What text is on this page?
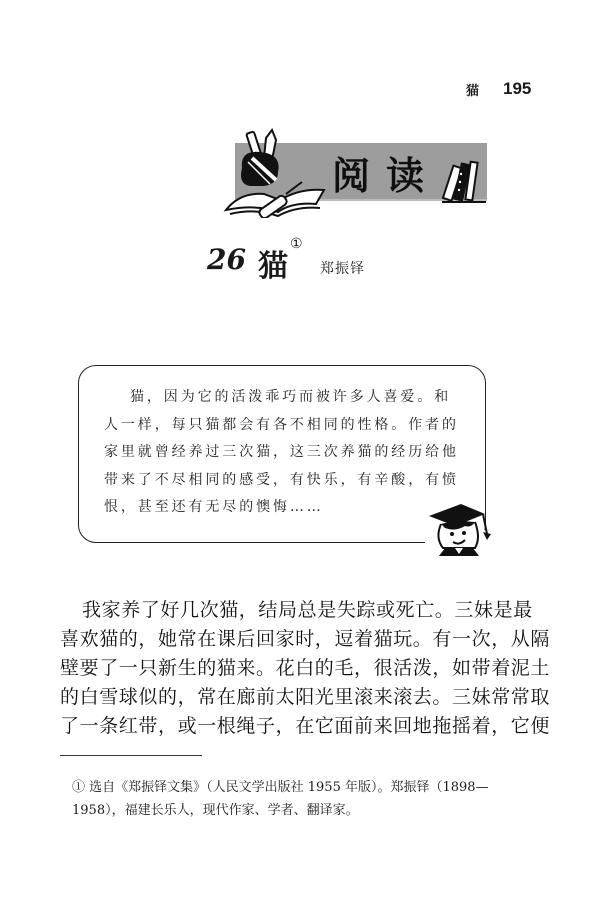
猫 195
阅读
26 猫
①
郑振铎
猫，因为它的活泼乖巧而被许多人喜爱。和
人一样，每只猫都会有各不相同的性格。作者的
家里就曾经养过三次猫，这三次养猫的经历给他
带来了不尽相同的感受，有快乐，有辛酸，有愤
恨，甚至还有无尽的懊悔……
我家养了好几次猫，结局总是失踪或死亡。三妹是最
喜欢猫的，她常在课后回家时，逗着猫玩。有一次，从隔
壁要了一只新生的猫来。花白的毛，很活泼，如带着泥土
的白雪球似的，常在廊前太阳光里滚来滚去。三妹常常取
了一条红带，或一根绳子，在它面前来回地拖摇着，它便
① 选自《郑振铎文集》（人民文学出版社 1955 年版）。郑振铎（1898—
1958），福建长乐人，现代作家、学者、翻译家。
